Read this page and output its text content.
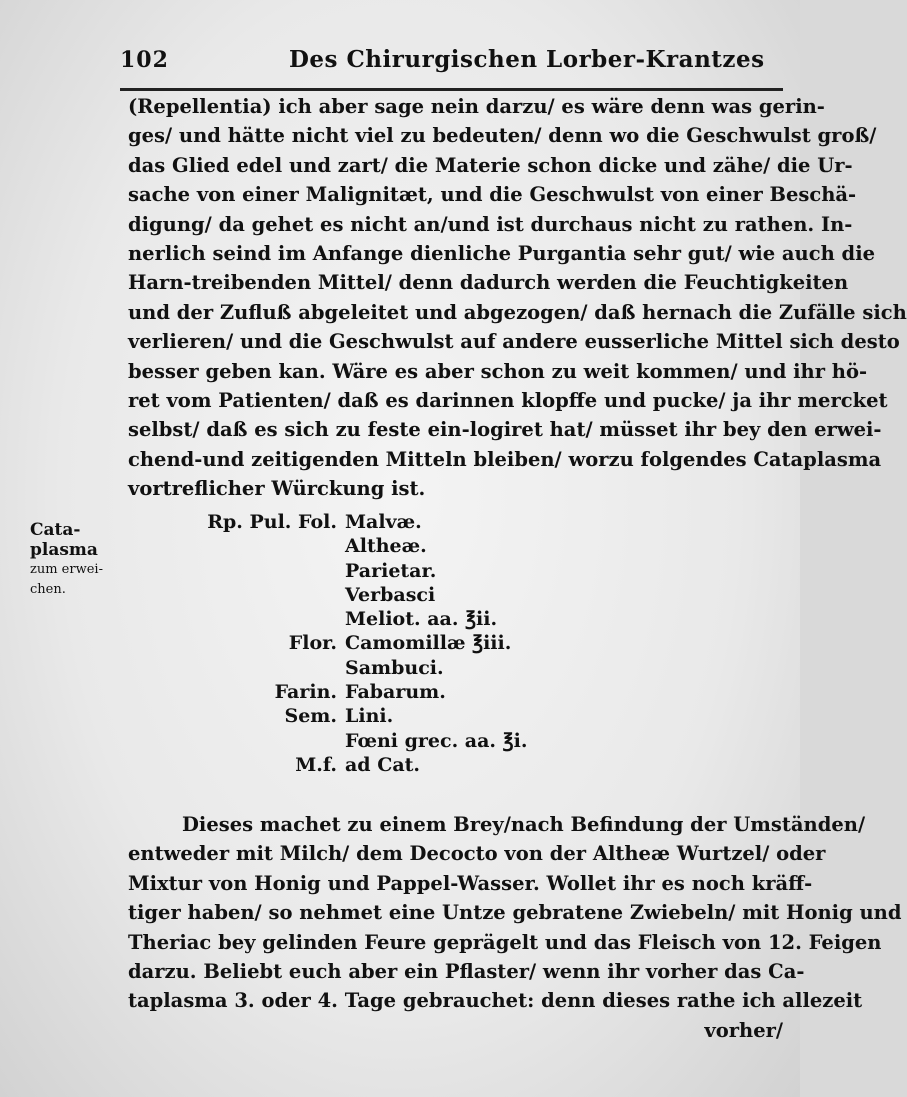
102	Des Chirurgischen Lorber-Krantzes
(Repellentia) ich aber sage nein darzu/ es wäre denn was gerin-
ges/ und hätte nicht viel zu bedeuten/ denn wo die Geschwulst groß/
das Glied edel und zart/ die Materie schon dicke und zähe/ die Ur-
sache von einer Malignitæt, und die Geschwulst von einer Beschä-
digung/ da gehet es nicht an/und ist durchaus nicht zu rathen. In-
nerlich seind im Anfange dienliche Purgantia sehr gut/ wie auch die
Harn-treibenden Mittel/ denn dadurch werden die Feuchtigkeiten
und der Zufluß abgeleitet und abgezogen/ daß hernach die Zufälle sich
verlieren/ und die Geschwulst auf andere eusserliche Mittel sich desto
besser geben kan. Wäre es aber schon zu weit kommen/ und ihr hö-
ret vom Patienten/ daß es darinnen klopffe und pucke/ ja ihr mercket
selbst/ daß es sich zu feste ein-logiret hat/ müsset ihr bey den erwei-
chend-und zeitigenden Mitteln bleiben/ worzu folgendes Cataplasma
vortreflicher Würckung ist.
Cata-
plasma
zum erwei-
chen.
Rp. Pul. Fol. Malvæ.
Altheæ.
Parietar.
Verbasci
Meliot. aa. ℥ii.
Flor. Camomillæ ℥iii.
Sambuci.
Farin. Fabarum.
Sem. Lini.
Fœni grec. aa. ℥i.
M.f. ad Cat.
Dieses machet zu einem Brey/nach Befindung der Umständen/
entweder mit Milch/ dem Decocto von der Altheæ Wurtzel/ oder
Mixtur von Honig und Pappel-Wasser. Wollet ihr es noch kräff-
tiger haben/ so nehmet eine Untze gebratene Zwiebeln/ mit Honig und
Theriac bey gelinden Feure geprägelt und das Fleisch von 12. Feigen
darzu. Beliebt euch aber ein Pflaster/ wenn ihr vorher das Ca-
taplasma 3. oder 4. Tage gebrauchet: denn dieses rathe ich allezeit
vorher/
